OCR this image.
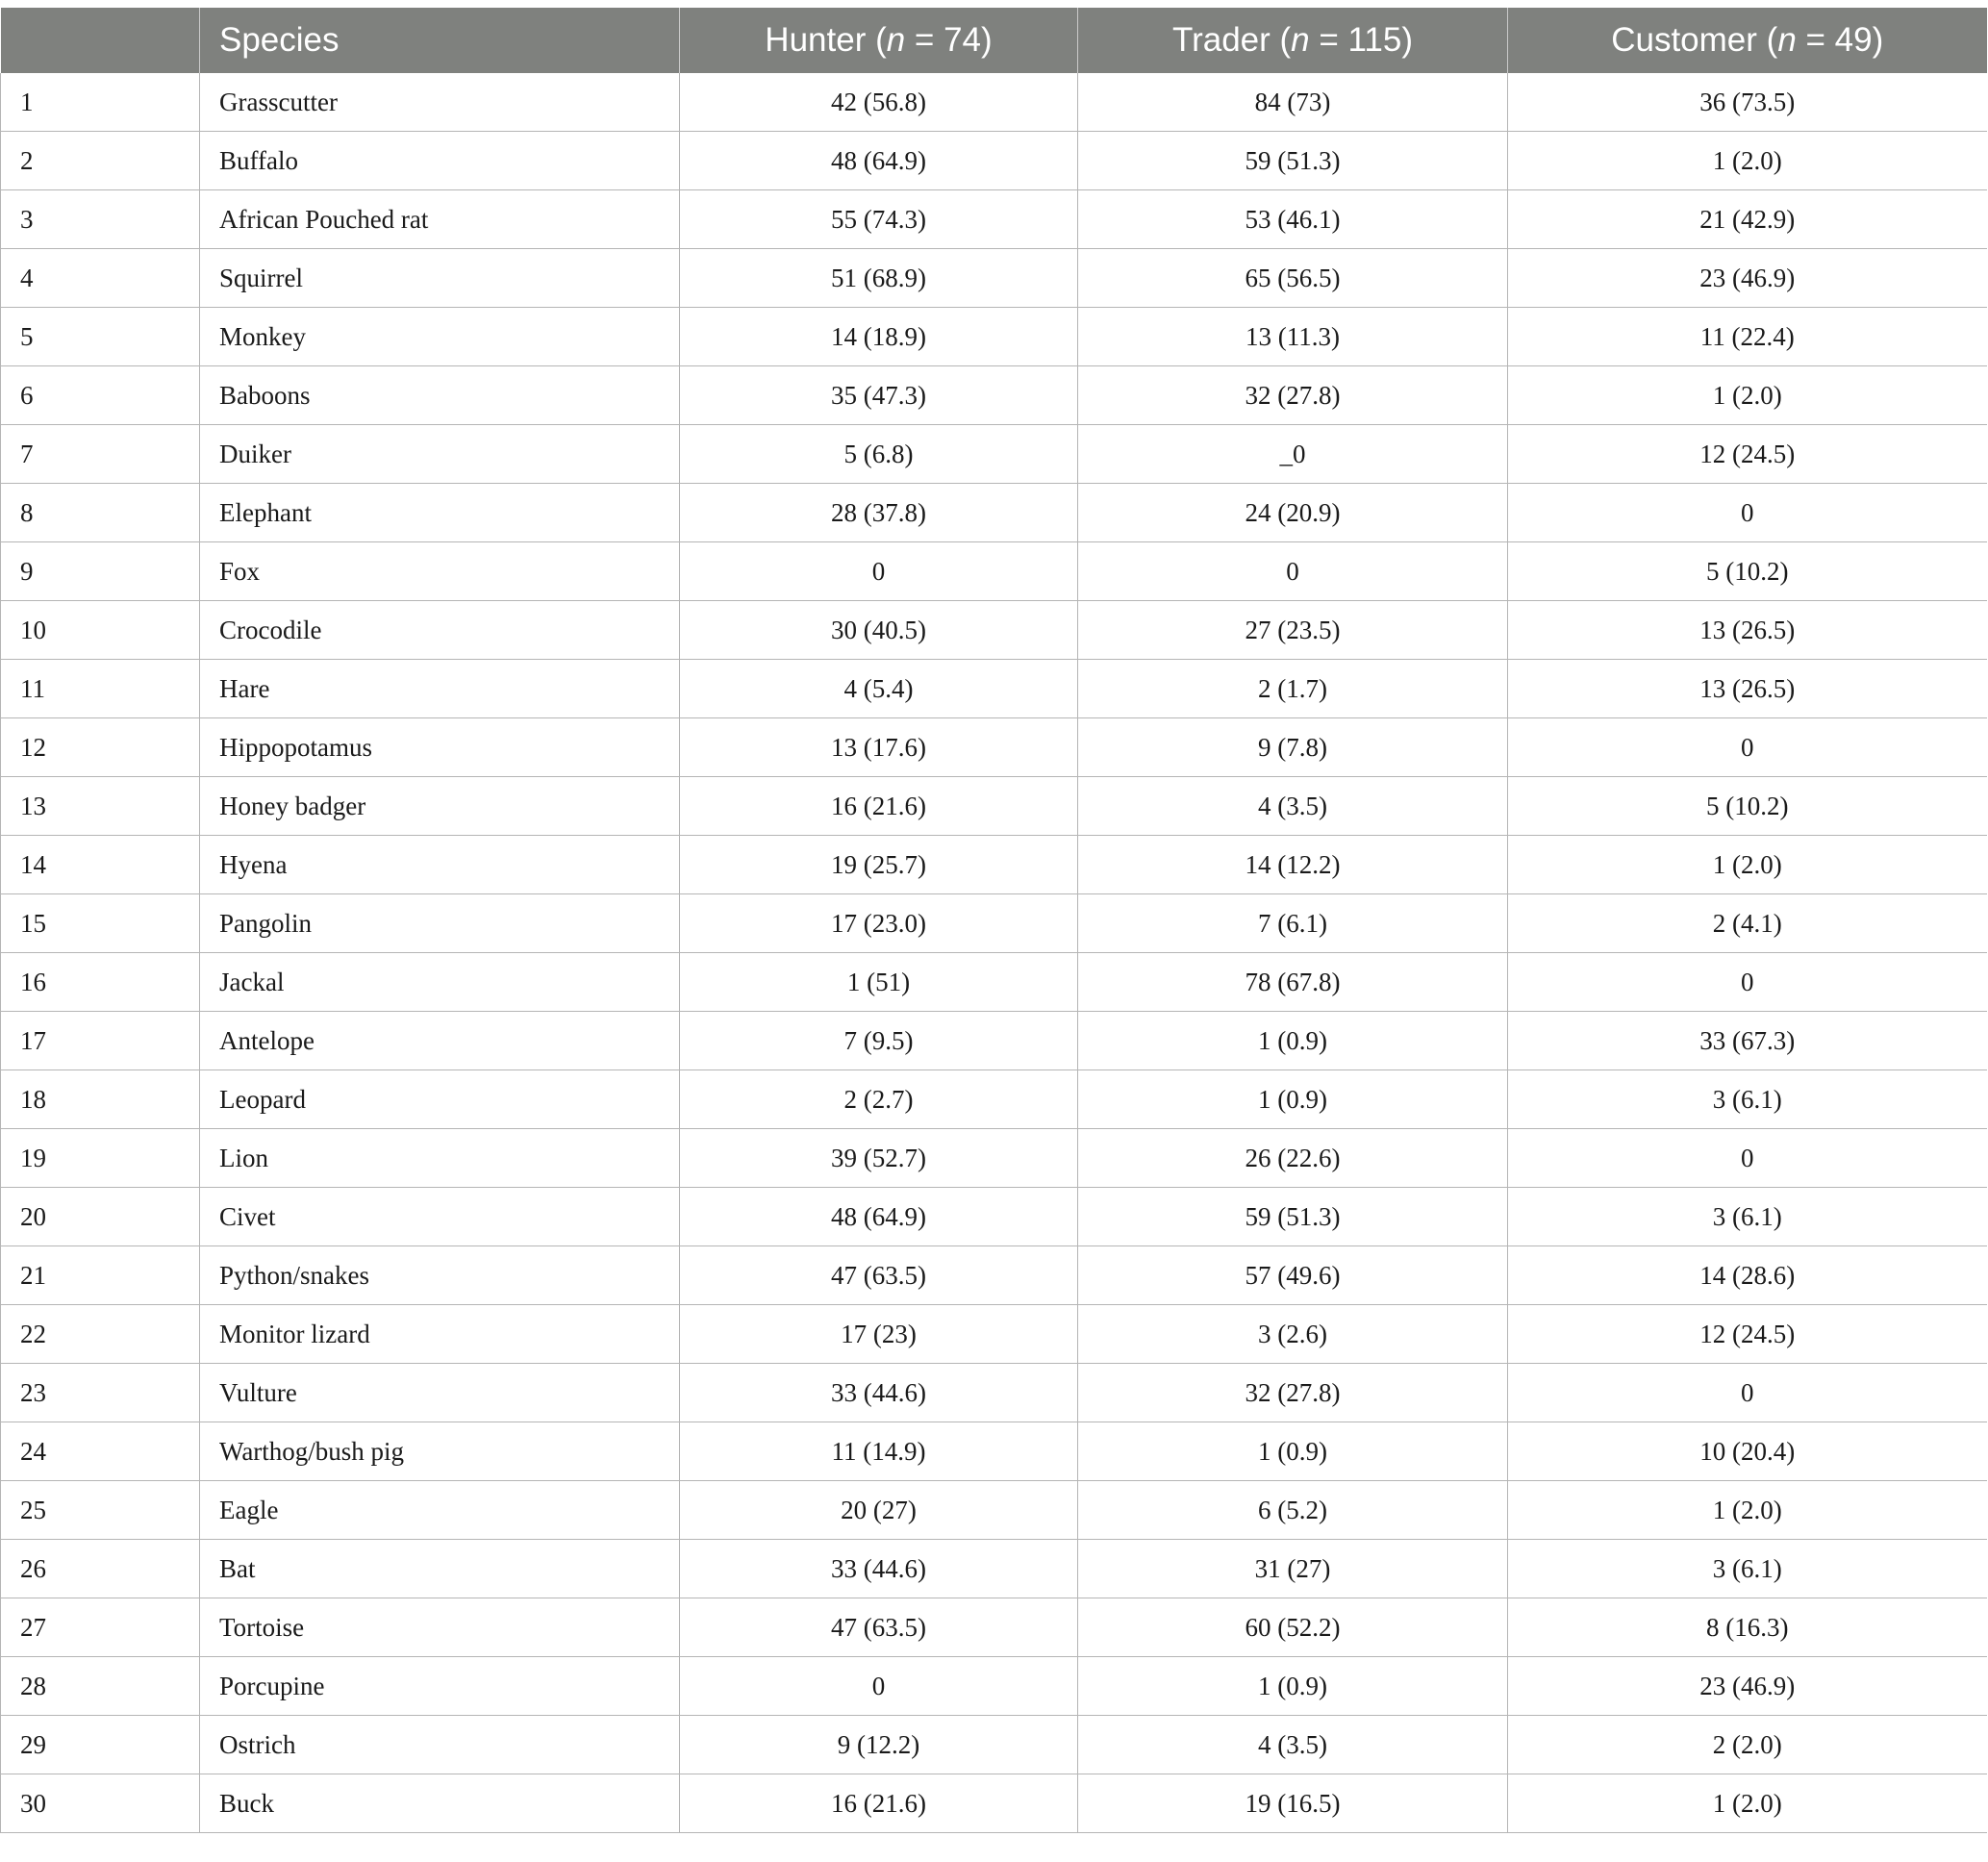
	Species	Hunter (n = 74)	Trader (n = 115)	Customer (n = 49)
1	Grasscutter	42 (56.8)	84 (73)	36 (73.5)
2	Buffalo	48 (64.9)	59 (51.3)	1 (2.0)
3	African Pouched rat	55 (74.3)	53 (46.1)	21 (42.9)
4	Squirrel	51 (68.9)	65 (56.5)	23 (46.9)
5	Monkey	14 (18.9)	13 (11.3)	11 (22.4)
6	Baboons	35 (47.3)	32 (27.8)	1 (2.0)
7	Duiker	5 (6.8)	_0	12 (24.5)
8	Elephant	28 (37.8)	24 (20.9)	0
9	Fox	0	0	5 (10.2)
10	Crocodile	30 (40.5)	27 (23.5)	13 (26.5)
11	Hare	4 (5.4)	2 (1.7)	13 (26.5)
12	Hippopotamus	13 (17.6)	9 (7.8)	0
13	Honey badger	16 (21.6)	4 (3.5)	5 (10.2)
14	Hyena	19 (25.7)	14 (12.2)	1 (2.0)
15	Pangolin	17 (23.0)	7 (6.1)	2 (4.1)
16	Jackal	1 (51)	78 (67.8)	0
17	Antelope	7 (9.5)	1 (0.9)	33 (67.3)
18	Leopard	2 (2.7)	1 (0.9)	3 (6.1)
19	Lion	39 (52.7)	26 (22.6)	0
20	Civet	48 (64.9)	59 (51.3)	3 (6.1)
21	Python/snakes	47 (63.5)	57 (49.6)	14 (28.6)
22	Monitor lizard	17 (23)	3 (2.6)	12 (24.5)
23	Vulture	33 (44.6)	32 (27.8)	0
24	Warthog/bush pig	11 (14.9)	1 (0.9)	10 (20.4)
25	Eagle	20 (27)	6 (5.2)	1 (2.0)
26	Bat	33 (44.6)	31 (27)	3 (6.1)
27	Tortoise	47 (63.5)	60 (52.2)	8 (16.3)
28	Porcupine	0	1 (0.9)	23 (46.9)
29	Ostrich	9 (12.2)	4 (3.5)	2 (2.0)
30	Buck	16 (21.6)	19 (16.5)	1 (2.0)
